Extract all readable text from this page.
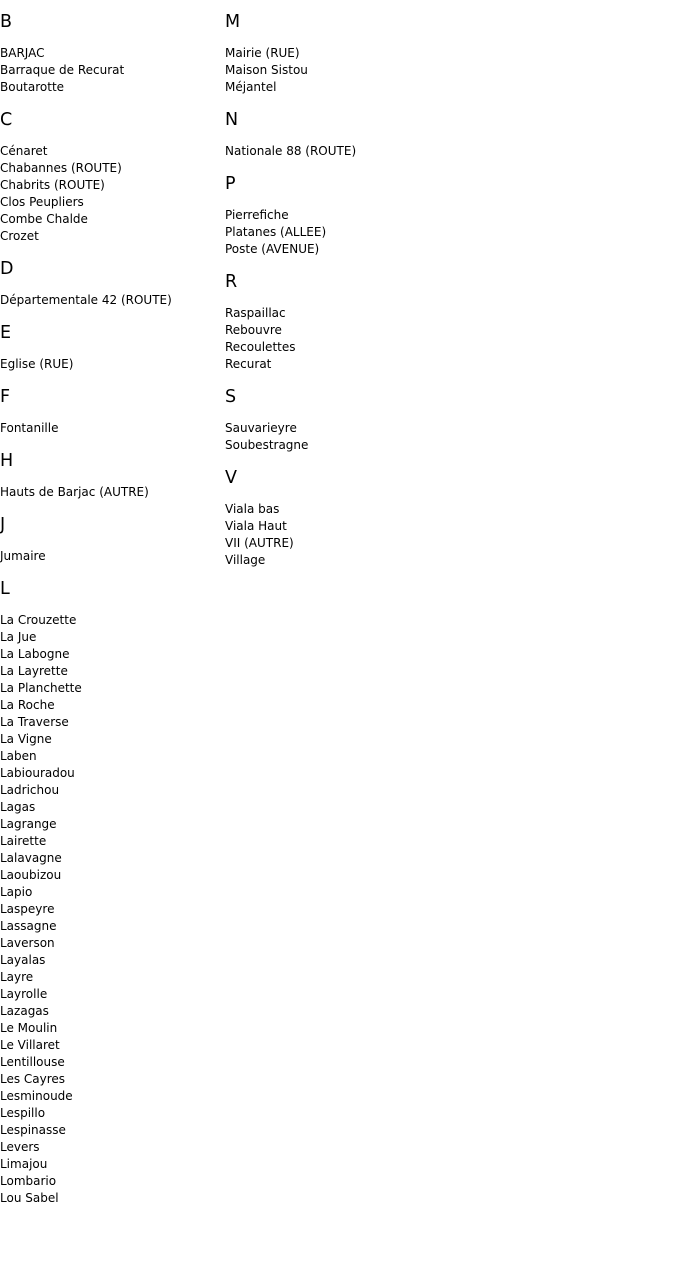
B
BARJAC
Barraque de Recurat
Boutarotte
C
Cénaret
Chabannes (ROUTE)
Chabrits (ROUTE)
Clos Peupliers
Combe Chalde
Crozet
D
Départementale 42 (ROUTE)
E
Eglise (RUE)
F
Fontanille
H
Hauts de Barjac (AUTRE)
J
Jumaire
L
La Crouzette
La Jue
La Labogne
La Layrette
La Planchette
La Roche
La Traverse
La Vigne
Laben
Labiouradou
Ladrichou
Lagas
Lagrange
Lairette
Lalavagne
Laoubizou
Lapio
Laspeyre
Lassagne
Laverson
Layalas
Layre
Layrolle
Lazagas
Le Moulin
Le Villaret
Lentillouse
Les Cayres
Lesminoude
Lespillo
Lespinasse
Levers
Limajou
Lombario
Lou Sabel
M
Mairie (RUE)
Maison Sistou
Méjantel
N
Nationale 88 (ROUTE)
P
Pierrefiche
Platanes (ALLEE)
Poste (AVENUE)
R
Raspaillac
Rebouvre
Recoulettes
Recurat
S
Sauvarieyre
Soubestragne
V
Viala bas
Viala Haut
VII (AUTRE)
Village
